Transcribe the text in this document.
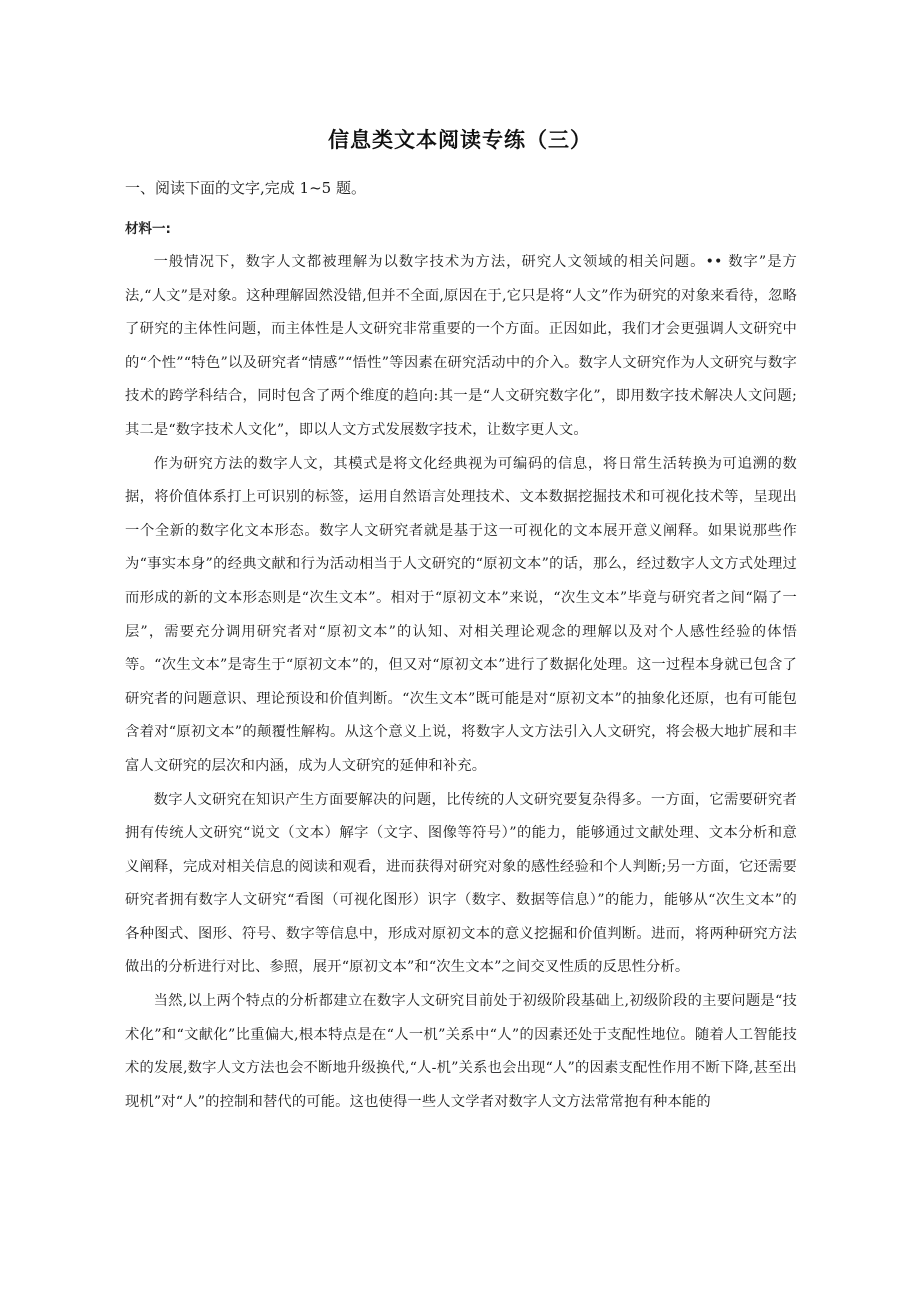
信息类文本阅读专练（三）
一、阅读下面的文字,完成 1~5 题。
材料一:

一般情况下，数字人文都被理解为以数字技术为方法，研究人文领域的相关问题。•• 数字”是方法,“人文”是对象。这种理解固然没错,但并不全面,原因在于,它只是将“人文”作为研究的对象来看待，忽略了研究的主体性问题，而主体性是人文研究非常重要的一个方面。正因如此，我们才会更强调人文研究中的“个性”“特色”以及研究者“情感”“悟性”等因素在研究活动中的介入。数字人文研究作为人文研究与数字技术的跨学科结合，同时包含了两个维度的趋向:其一是“人文研究数字化”，即用数字技术解决人文问题;其二是“数字技术人文化”，即以人文方式发展数字技术，让数字更人文。

作为研究方法的数字人文，其模式是将文化经典视为可编码的信息，将日常生活转换为可追溯的数据，将价值体系打上可识别的标签，运用自然语言处理技术、文本数据挖掘技术和可视化技术等，呈现出一个全新的数字化文本形态。数字人文研究者就是基于这一可视化的文本展开意义阐释。如果说那些作为“事实本身”的经典文献和行为活动相当于人文研究的“原初文本”的话，那么，经过数字人文方式处理过而形成的新的文本形态则是“次生文本”。相对于“原初文本”来说，“次生文本”毕竟与研究者之间“隔了一层”，需要充分调用研究者对“原初文本”的认知、对相关理论观念的理解以及对个人感性经验的体悟等。“次生文本”是寄生于“原初文本”的，但又对“原初文本”进行了数据化处理。这一过程本身就已包含了研究者的问题意识、理论预设和价值判断。“次生文本”既可能是对“原初文本”的抽象化还原，也有可能包含着对“原初文本”的颠覆性解构。从这个意义上说，将数字人文方法引入人文研究，将会极大地扩展和丰富人文研究的层次和内涵，成为人文研究的延伸和补充。

数字人文研究在知识产生方面要解决的问题，比传统的人文研究要复杂得多。一方面，它需要研究者拥有传统人文研究“说文（文本）解字（文字、图像等符号）”的能力，能够通过文献处理、文本分析和意义阐释，完成对相关信息的阅读和观看，进而获得对研究对象的感性经验和个人判断;另一方面，它还需要研究者拥有数字人文研究“看图（可视化图形）识字（数字、数据等信息）”的能力，能够从“次生文本”的各种图式、图形、符号、数字等信息中，形成对原初文本的意义挖掘和价值判断。进而，将两种研究方法做出的分析进行对比、参照，展开“原初文本”和“次生文本”之间交叉性质的反思性分析。

当然,以上两个特点的分析都建立在数字人文研究目前处于初级阶段基础上,初级阶段的主要问题是“技术化”和“文献化”比重偏大,根本特点是在“人一机”关系中“人”的因素还处于支配性地位。随着人工智能技术的发展,数字人文方法也会不断地升级换代,“人-机”关系也会出现“人”的因素支配性作用不断下降,甚至出现机”对“人”的控制和替代的可能。这也使得一些人文学者对数字人文方法常常抱有种本能的
